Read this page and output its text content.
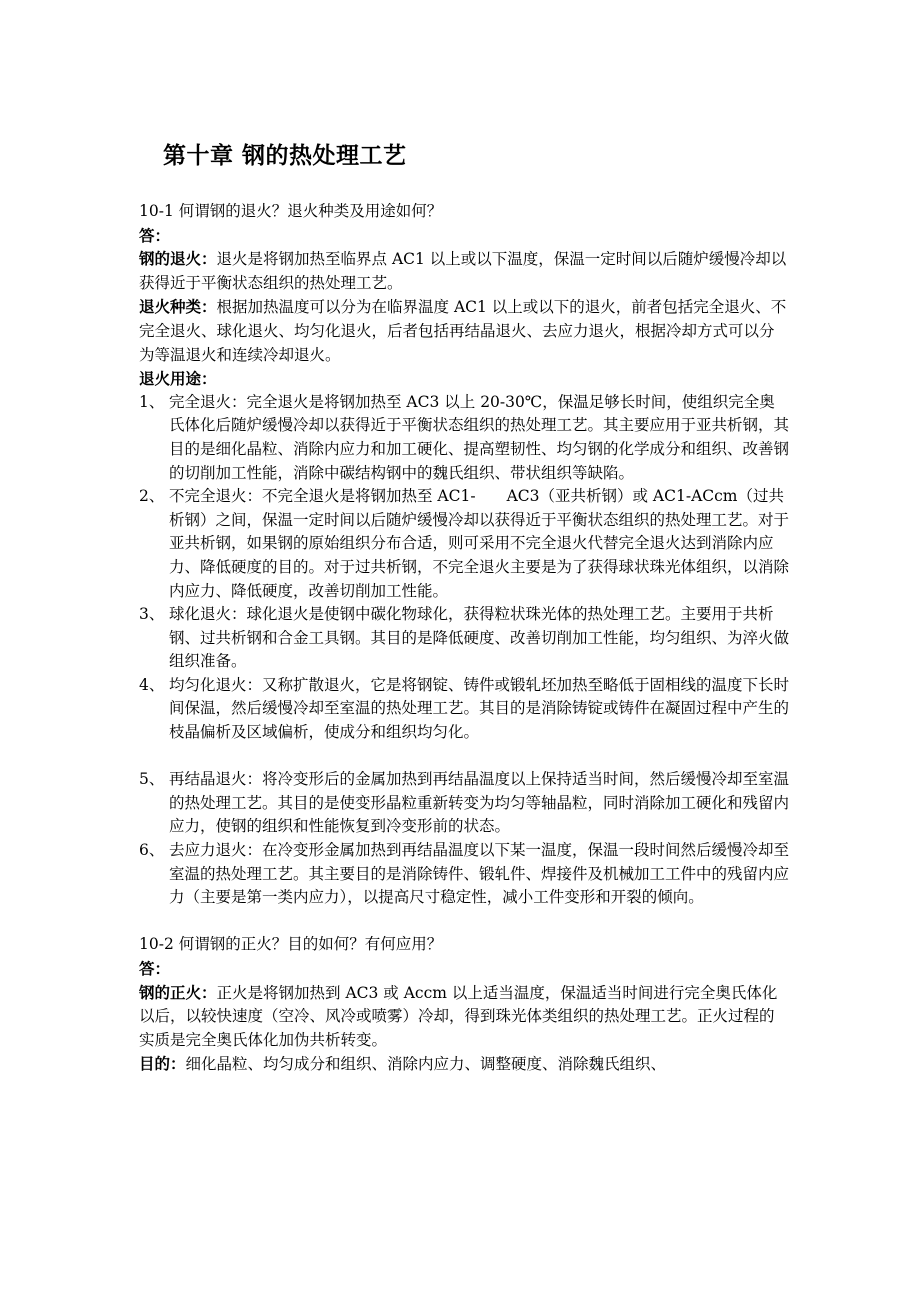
第十章 钢的热处理工艺

10-1 何谓钢的退火？退火种类及用途如何？

答：

钢的退火：退火是将钢加热至临界点 AC1 以上或以下温度，保温一定时间以后随炉缓慢冷却以获得近于平衡状态组织的热处理工艺。

退火种类：根据加热温度可以分为在临界温度 AC1 以上或以下的退火，前者包括完全退火、不完全退火、球化退火、均匀化退火，后者包括再结晶退火、去应力退火，根据冷却方式可以分为等温退火和连续冷却退火。

退火用途：

1、 完全退火：完全退火是将钢加热至 AC3 以上 20-30℃，保温足够长时间，使组织完全奥氏体化后随炉缓慢冷却以获得近于平衡状态组织的热处理工艺。其主要应用于亚共析钢，其目的是细化晶粒、消除内应力和加工硬化、提高塑韧性、均匀钢的化学成分和组织、改善钢的切削加工性能，消除中碳结构钢中的魏氏组织、带状组织等缺陷。
2、 不完全退火：不完全退火是将钢加热至 AC1-　　AC3（亚共析钢）或 AC1-ACcm（过共析钢）之间，保温一定时间以后随炉缓慢冷却以获得近于平衡状态组织的热处理工艺。对于亚共析钢，如果钢的原始组织分布合适，则可采用不完全退火代替完全退火达到消除内应力、降低硬度的目的。对于过共析钢，不完全退火主要是为了获得球状珠光体组织，以消除内应力、降低硬度，改善切削加工性能。
3、 球化退火：球化退火是使钢中碳化物球化，获得粒状珠光体的热处理工艺。主要用于共析钢、过共析钢和合金工具钢。其目的是降低硬度、改善切削加工性能，均匀组织、为淬火做组织准备。
4、 均匀化退火：又称扩散退火，它是将钢锭、铸件或锻轧坯加热至略低于固相线的温度下长时间保温，然后缓慢冷却至室温的热处理工艺。其目的是消除铸锭或铸件在凝固过程中产生的枝晶偏析及区域偏析，使成分和组织均匀化。
5、 再结晶退火：将冷变形后的金属加热到再结晶温度以上保持适当时间，然后缓慢冷却至室温的热处理工艺。其目的是使变形晶粒重新转变为均匀等轴晶粒，同时消除加工硬化和残留内应力，使钢的组织和性能恢复到冷变形前的状态。
6、 去应力退火：在冷变形金属加热到再结晶温度以下某一温度，保温一段时间然后缓慢冷却至室温的热处理工艺。其主要目的是消除铸件、锻轧件、焊接件及机械加工工件中的残留内应力（主要是第一类内应力），以提高尺寸稳定性，减小工件变形和开裂的倾向。

10-2 何谓钢的正火？目的如何？有何应用？

答：

钢的正火：正火是将钢加热到 AC3 或 Accm 以上适当温度，保温适当时间进行完全奥氏体化以后，以较快速度（空冷、风冷或喷雾）冷却，得到珠光体类组织的热处理工艺。正火过程的实质是完全奥氏体化加伪共析转变。

目的：细化晶粒、均匀成分和组织、消除内应力、调整硬度、消除魏氏组织、
